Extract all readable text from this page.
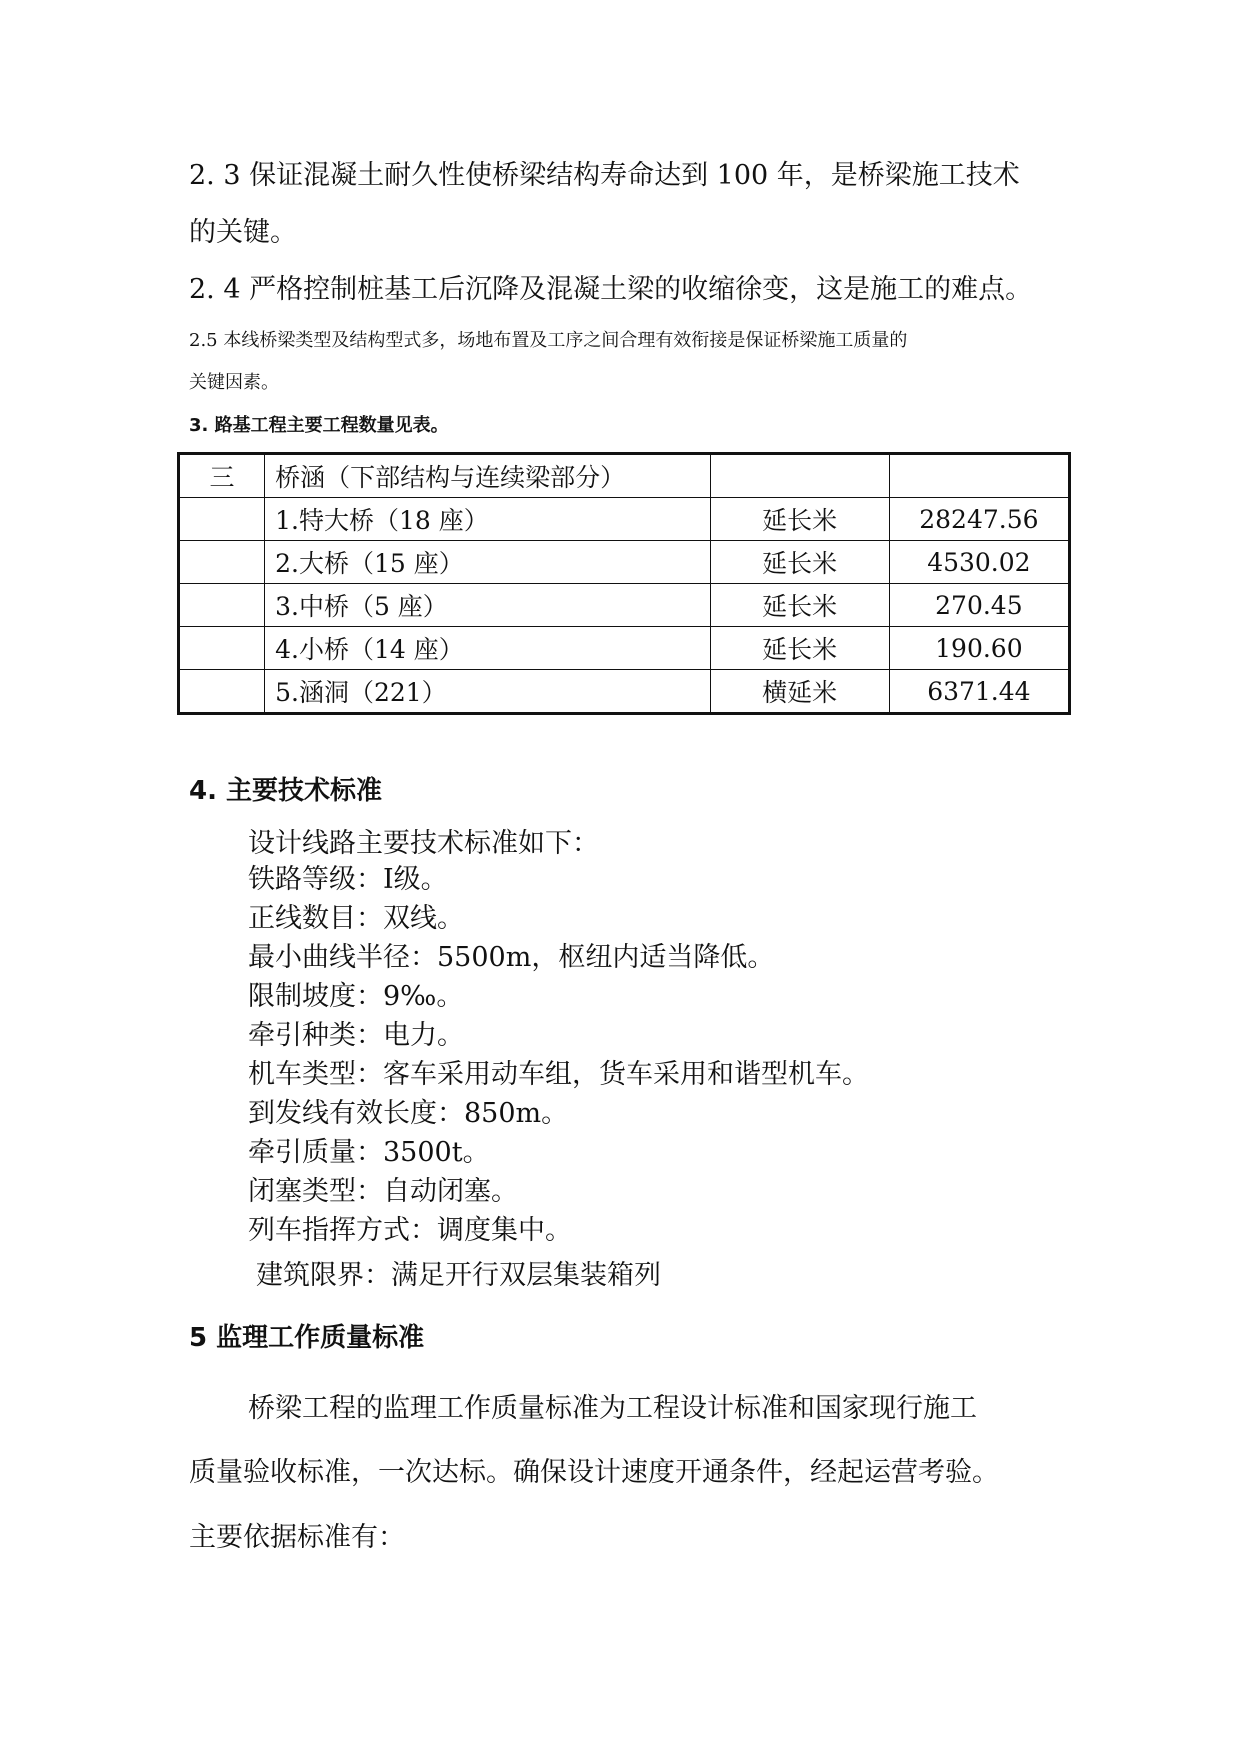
2. 3 保证混凝土耐久性使桥梁结构寿命达到 100 年，是桥梁施工技术
的关键。
2. 4 严格控制桩基工后沉降及混凝土梁的收缩徐变，这是施工的难点。
2.5 本线桥梁类型及结构型式多，场地布置及工序之间合理有效衔接是保证桥梁施工质量的
关键因素。
3. 路基工程主要工程数量见表。
三	桥涵（下部结构与连续梁部分）		
	1.特大桥（18 座）	延长米	28247.56
	2.大桥（15 座）	延长米	4530.02
	3.中桥（5 座）	延长米	270.45
	4.小桥（14 座）	延长米	190.60
	5.涵洞（221）	横延米	6371.44
4. 主要技术标准
设计线路主要技术标准如下：
铁路等级：Ⅰ级。
正线数目：双线。
最小曲线半径：5500m，枢纽内适当降低。
限制坡度：9‰。
牵引种类：电力。
机车类型：客车采用动车组，货车采用和谐型机车。
到发线有效长度：850m。
牵引质量：3500t。
闭塞类型：自动闭塞。
列车指挥方式：调度集中。
建筑限界：满足开行双层集装箱列
5 监理工作质量标准
桥梁工程的监理工作质量标准为工程设计标准和国家现行施工
质量验收标准，一次达标。确保设计速度开通条件，经起运营考验。
主要依据标准有：
